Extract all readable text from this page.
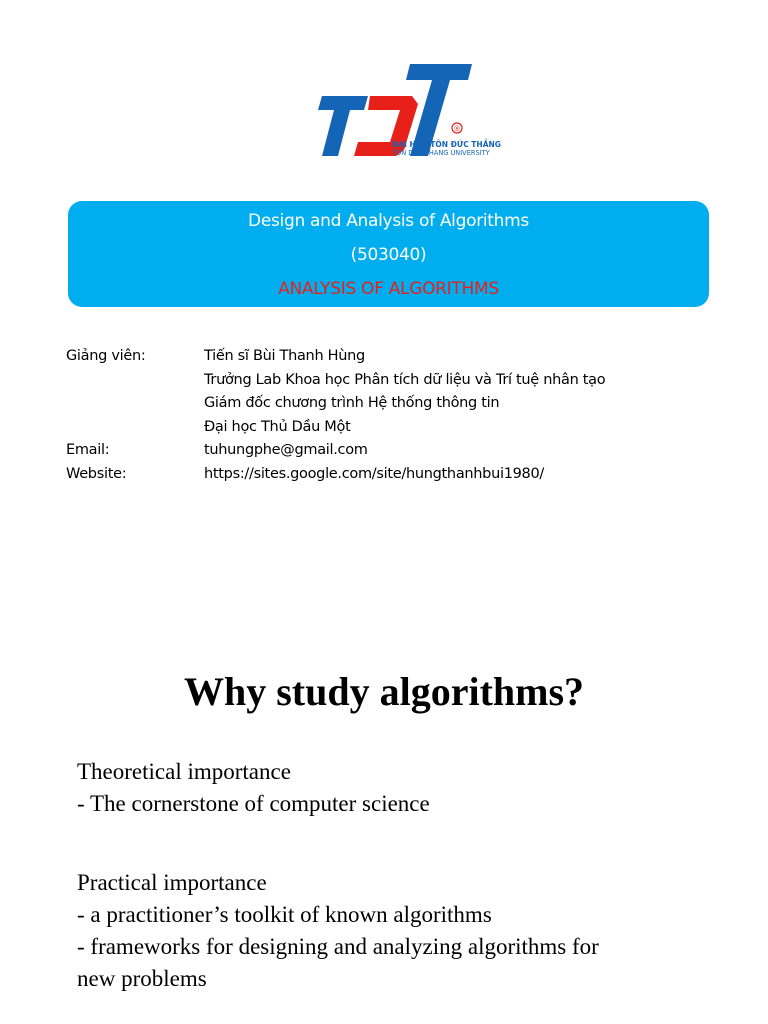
®
ĐẠI HỌC TÔN ĐỨC THẮNG
TON DUC THANG UNIVERSITY
Design and Analysis of Algorithms
(503040)
ANALYSIS OF ALGORITHMS
Giảng viên:	Tiến sĩ Bùi Thanh Hùng
Trưởng Lab Khoa học Phân tích dữ liệu và Trí tuệ nhân tạo
Giám đốc chương trình Hệ thống thông tin
Đại học Thủ Dầu Một
Email:	tuhungphe@gmail.com
Website:	https://sites.google.com/site/hungthanhbui1980/
Why study algorithms?
Theoretical importance
- The cornerstone of computer science
Practical importance
- a practitioner’s toolkit of known algorithms
- frameworks for designing and analyzing algorithms for
new problems
